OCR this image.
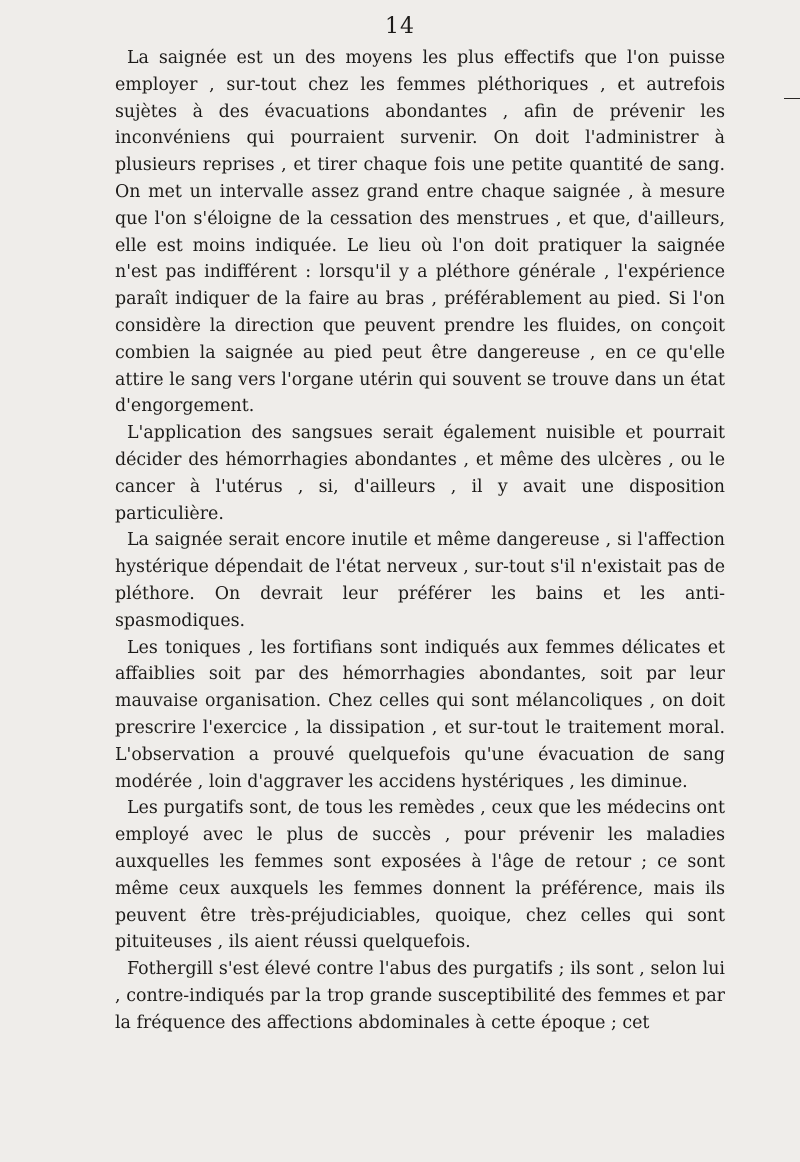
14

La saignée est un des moyens les plus effectifs que l'on puisse employer , sur-tout chez les femmes pléthoriques , et autrefois sujètes à des évacuations abondantes , afin de prévenir les inconvéniens qui pourraient survenir. On doit l'administrer à plusieurs reprises , et tirer chaque fois une petite quantité de sang. On met un intervalle assez grand entre chaque saignée , à mesure que l'on s'éloigne de la cessation des menstrues , et que, d'ailleurs, elle est moins indiquée. Le lieu où l'on doit pratiquer la saignée n'est pas indifférent : lorsqu'il y a pléthore générale , l'expérience paraît indiquer de la faire au bras , préférablement au pied. Si l'on considère la direction que peuvent prendre les fluides, on conçoit combien la saignée au pied peut être dangereuse , en ce qu'elle attire le sang vers l'organe utérin qui souvent se trouve dans un état d'engorgement.

L'application des sangsues serait également nuisible et pourrait décider des hémorrhagies abondantes , et même des ulcères , ou le cancer à l'utérus , si, d'ailleurs , il y avait une disposition particulière.

La saignée serait encore inutile et même dangereuse , si l'affection hystérique dépendait de l'état nerveux , sur-tout s'il n'existait pas de pléthore. On devrait leur préférer les bains et les anti-spasmodiques.

Les toniques , les fortifians sont indiqués aux femmes délicates et affaiblies soit par des hémorrhagies abondantes, soit par leur mauvaise organisation. Chez celles qui sont mélancoliques , on doit prescrire l'exercice , la dissipation , et sur-tout le traitement moral. L'observation a prouvé quelquefois qu'une évacuation de sang modérée , loin d'aggraver les accidens hystériques , les diminue.

Les purgatifs sont, de tous les remèdes , ceux que les médecins ont employé avec le plus de succès , pour prévenir les maladies auxquelles les femmes sont exposées à l'âge de retour ; ce sont même ceux auxquels les femmes donnent la préférence, mais ils peuvent être très-préjudiciables, quoique, chez celles qui sont pituiteuses , ils aient réussi quelquefois.

Fothergill s'est élevé contre l'abus des purgatifs ; ils sont , selon lui , contre-indiqués par la trop grande susceptibilité des femmes et par la fréquence des affections abdominales à cette époque ; cet
